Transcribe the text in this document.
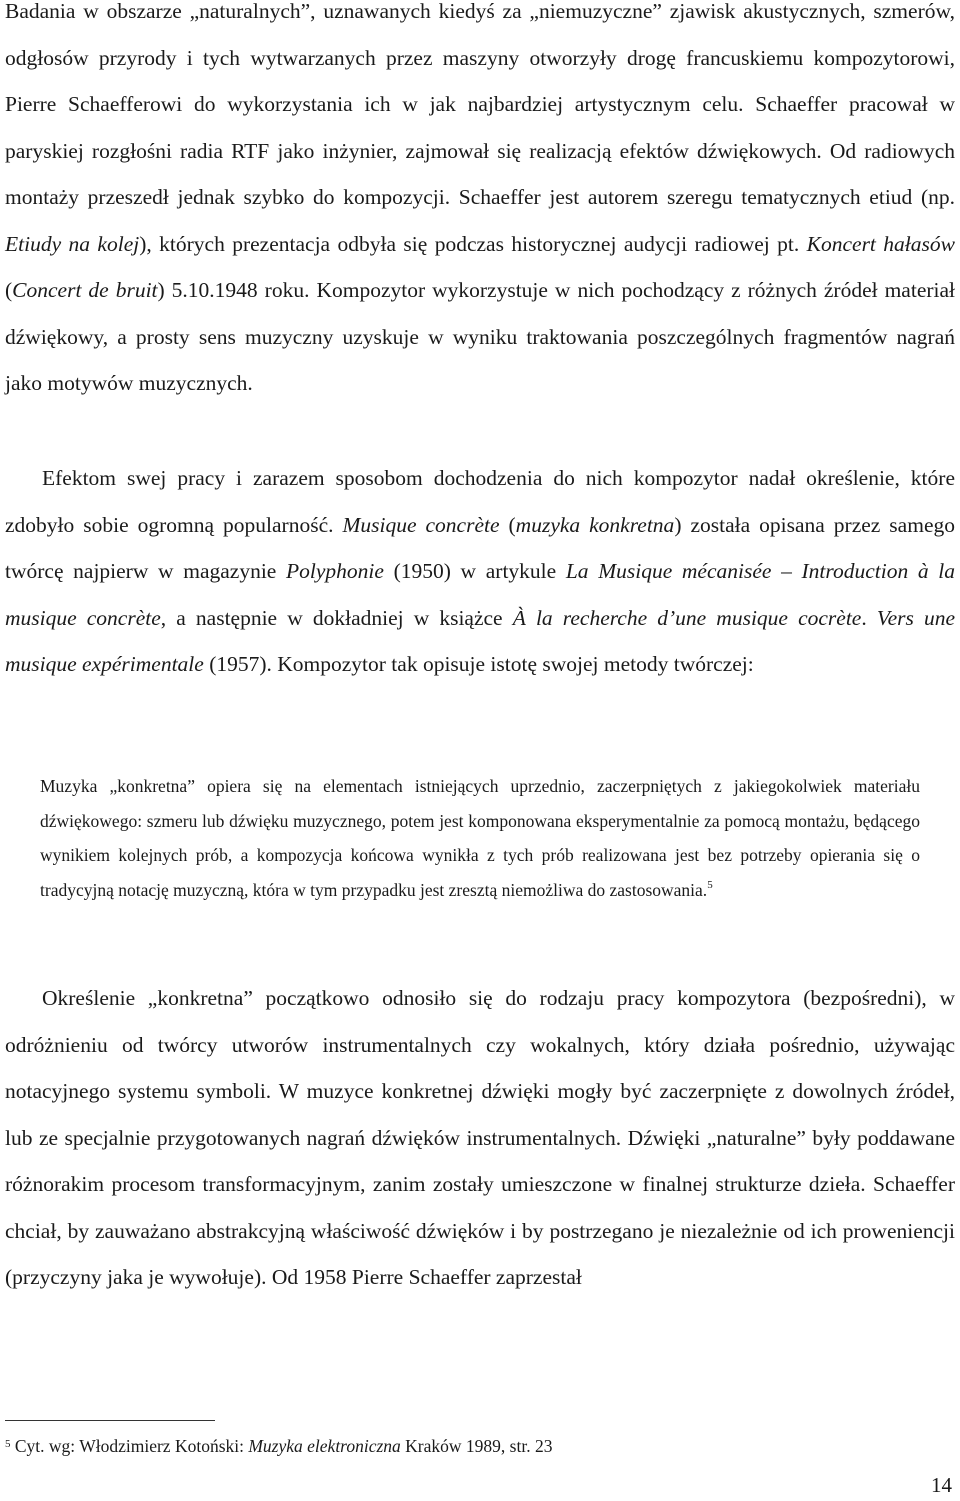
Badania w obszarze „naturalnych”, uznawanych kiedyś za „niemuzyczne” zjawisk akustycznych, szmerów, odgłosów przyrody i tych wytwarzanych przez maszyny otworzyły drogę francuskiemu kompozytorowi, Pierre Schaefferowi do wykorzystania ich w jak najbardziej artystycznym celu. Schaeffer pracował w paryskiej rozgłośni radia RTF jako inżynier, zajmował się realizacją efektów dźwiękowych. Od radiowych montaży przeszedł jednak szybko do kompozycji. Schaeffer jest autorem szeregu tematycznych etiud (np. Etiudy na kolej), których prezentacja odbyła się podczas historycznej audycji radiowej pt. Koncert hałasów (Concert de bruit) 5.10.1948 roku. Kompozytor wykorzystuje w nich pochodzący z różnych źródeł materiał dźwiękowy, a prosty sens muzyczny uzyskuje w wyniku traktowania poszczególnych fragmentów nagrań jako motywów muzycznych.

Efektom swej pracy i zarazem sposobom dochodzenia do nich kompozytor nadał określenie, które zdobyło sobie ogromną popularność. Musique concrète (muzyka konkretna) została opisana przez samego twórcę najpierw w magazynie Polyphonie (1950) w artykule La Musique mécanisée – Introduction à la musique concrète, a następnie w dokładniej w książce À la recherche d’une musique cocrète. Vers une musique expérimentale (1957). Kompozytor tak opisuje istotę swojej metody twórczej:

Muzyka „konkretna” opiera się na elementach istniejących uprzednio, zaczerpniętych z jakiegokolwiek materiału dźwiękowego: szmeru lub dźwięku muzycznego, potem jest komponowana eksperymentalnie za pomocą montażu, będącego wynikiem kolejnych prób, a kompozycja końcowa wynikła z tych prób realizowana jest bez potrzeby opierania się o tradycyjną notację muzyczną, która w tym przypadku jest zresztą niemożliwa do zastosowania.$^5$

Określenie „konkretna” początkowo odnosiło się do rodzaju pracy kompozytora (bezpośredni), w odróżnieniu od twórcy utworów instrumentalnych czy wokalnych, który działa pośrednio, używając notacyjnego systemu symboli. W muzyce konkretnej dźwięki mogły być zaczerpnięte z dowolnych źródeł, lub ze specjalnie przygotowanych nagrań dźwięków instrumentalnych. Dźwięki „naturalne” były poddawane różnorakim procesom transformacyjnym, zanim zostały umieszczone w finalnej strukturze dzieła. Schaeffer chciał, by zauważano abstrakcyjną właściwość dźwięków i by postrzegano je niezależnie od ich proweniencji (przyczyny jaka je wywołuje). Od 1958 Pierre Schaeffer zaprzestał

$^5$ Cyt. wg: Włodzimierz Kotoński: Muzyka elektroniczna Kraków 1989, str. 23

14
